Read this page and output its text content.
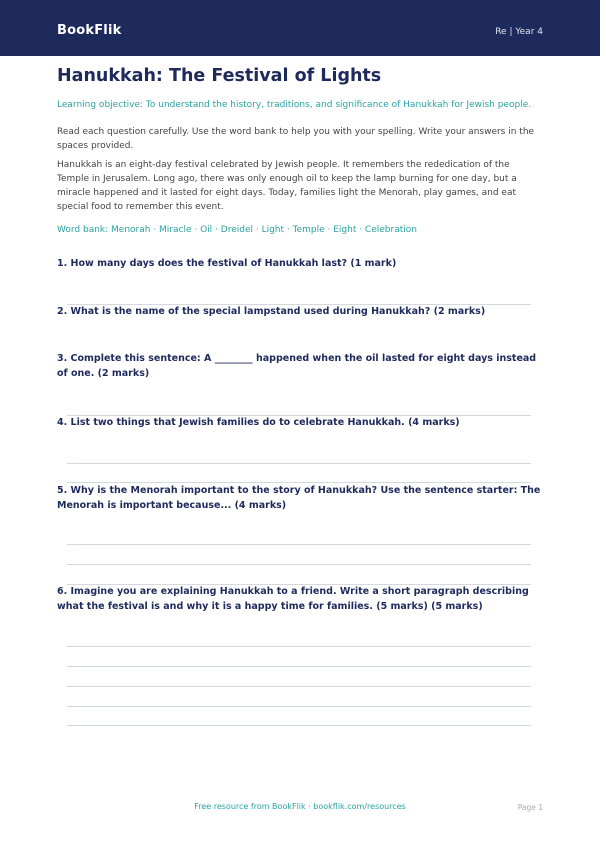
BookFlik	Re | Year 4
Hanukkah: The Festival of Lights
Learning objective: To understand the history, traditions, and significance of Hanukkah for Jewish people.
Read each question carefully. Use the word bank to help you with your spelling. Write your answers in the spaces provided.
Hanukkah is an eight-day festival celebrated by Jewish people. It remembers the rededication of the Temple in Jerusalem. Long ago, there was only enough oil to keep the lamp burning for one day, but a miracle happened and it lasted for eight days. Today, families light the Menorah, play games, and eat special food to remember this event.
Word bank: Menorah · Miracle · Oil · Dreidel · Light · Temple · Eight · Celebration
1. How many days does the festival of Hanukkah last? (1 mark)
2. What is the name of the special lampstand used during Hanukkah? (2 marks)
3. Complete this sentence: A ________ happened when the oil lasted for eight days instead of one. (2 marks)
4. List two things that Jewish families do to celebrate Hanukkah. (4 marks)
5. Why is the Menorah important to the story of Hanukkah? Use the sentence starter: The Menorah is important because... (4 marks)
6. Imagine you are explaining Hanukkah to a friend. Write a short paragraph describing what the festival is and why it is a happy time for families. (5 marks) (5 marks)
Free resource from BookFlik · bookflik.com/resources	Page 1
